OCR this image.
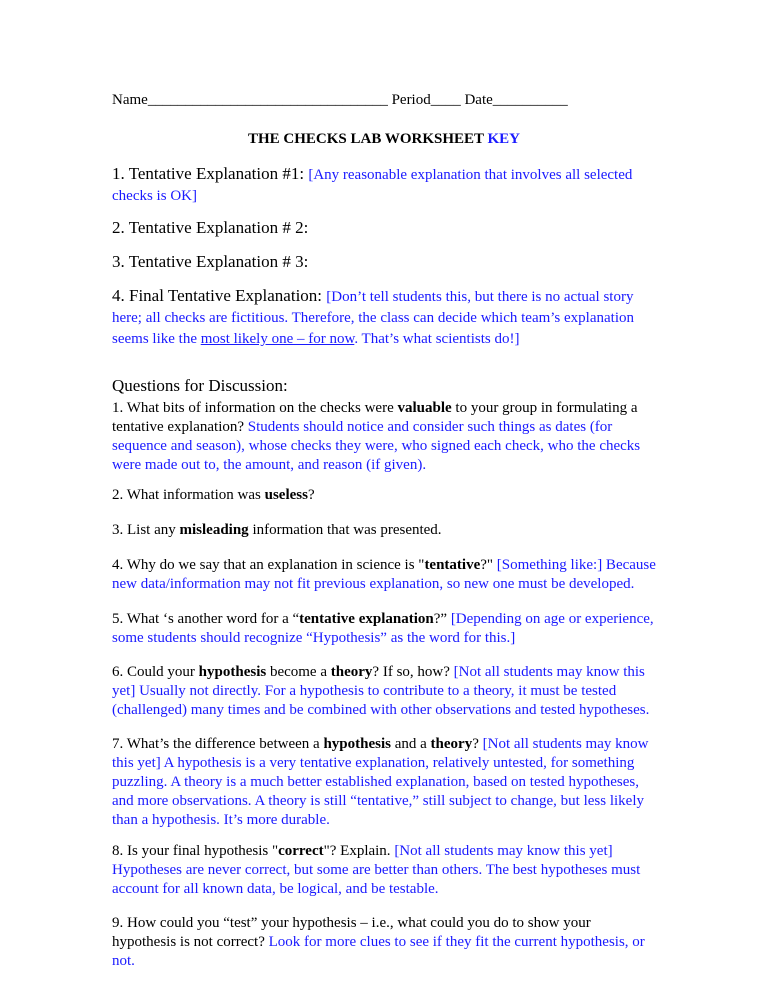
Name________________________________ Period____ Date__________
THE CHECKS LAB WORKSHEET KEY
1. Tentative Explanation #1: [Any reasonable explanation that involves all selected checks is OK]
2. Tentative Explanation # 2:
3. Tentative Explanation # 3:
4. Final Tentative Explanation: [Don’t tell students this, but there is no actual story here; all checks are fictitious. Therefore, the class can decide which team’s explanation seems like the most likely one – for now. That’s what scientists do!]
Questions for Discussion:
1. What bits of information on the checks were valuable to your group in formulating a tentative explanation? Students should notice and consider such things as dates (for sequence and season), whose checks they were, who signed each check, who the checks were made out to, the amount, and reason (if given).
2. What information was useless?
3. List any misleading information that was presented.
4. Why do we say that an explanation in science is "tentative?" [Something like:] Because new data/information may not fit previous explanation, so new one must be developed.
5. What ‘s another word for a “tentative explanation?” [Depending on age or experience, some students should recognize “Hypothesis” as the word for this.]
6. Could your hypothesis become a theory? If so, how? [Not all students may know this yet] Usually not directly. For a hypothesis to contribute to a theory, it must be tested (challenged) many times and be combined with other observations and tested hypotheses.
7. What’s the difference between a hypothesis and a theory? [Not all students may know this yet] A hypothesis is a very tentative explanation, relatively untested, for something puzzling. A theory is a much better established explanation, based on tested hypotheses, and more observations. A theory is still “tentative,” still subject to change, but less likely than a hypothesis. It’s more durable.
8. Is your final hypothesis "correct"? Explain. [Not all students may know this yet] Hypotheses are never correct, but some are better than others. The best hypotheses must account for all known data, be logical, and be testable.
9. How could you “test” your hypothesis – i.e., what could you do to show your hypothesis is not correct? Look for more clues to see if they fit the current hypothesis, or not.
